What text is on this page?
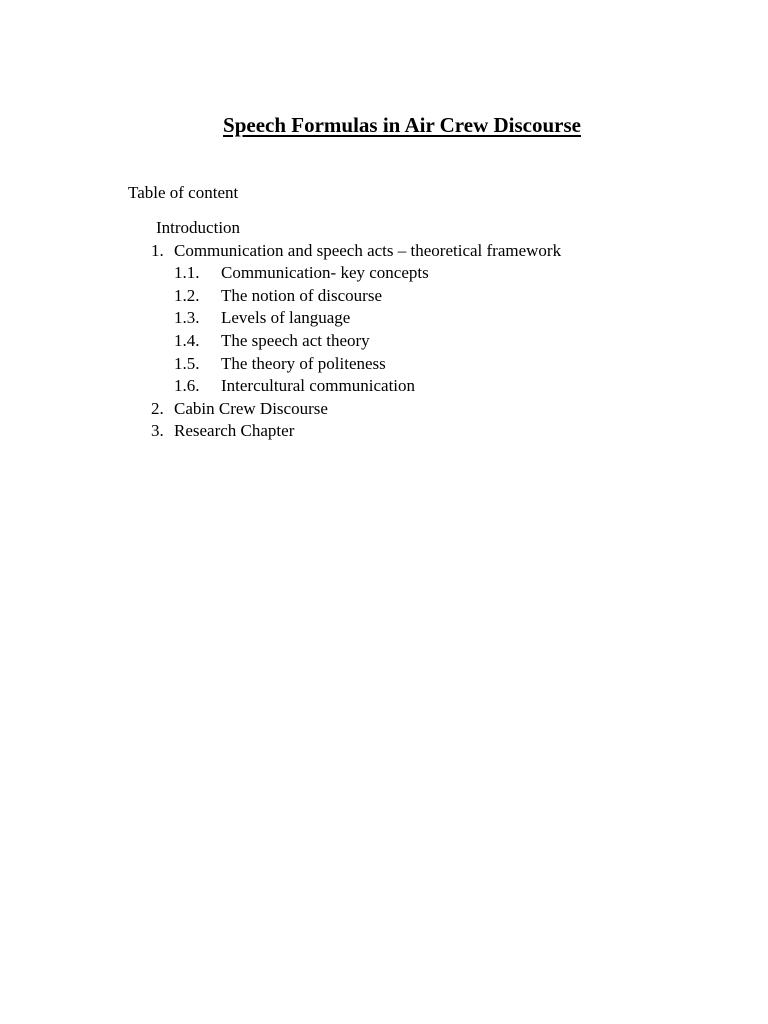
Speech Formulas in Air Crew Discourse

Table of content

Introduction
1. Communication and speech acts – theoretical framework
1.1. Communication- key concepts
1.2. The notion of discourse
1.3. Levels of language
1.4. The speech act theory
1.5. The theory of politeness
1.6. Intercultural communication
2. Cabin Crew Discourse
3. Research Chapter
